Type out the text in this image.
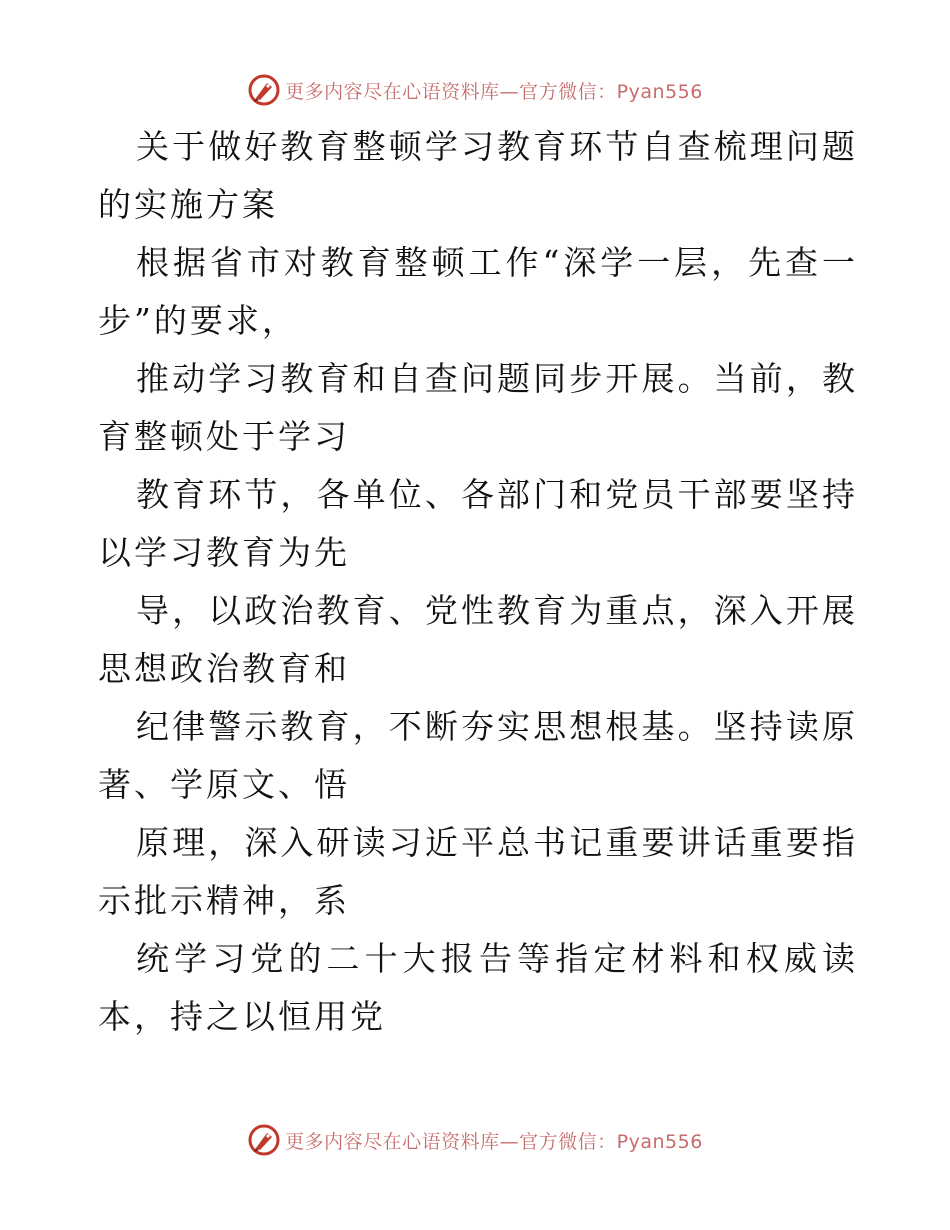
更多内容尽在心语资料库—官方微信：Pyan556

关于做好教育整顿学习教育环节自查梳理问题的实施方案

根据省市对教育整顿工作“深学一层，先查一步”的要求，

推动学习教育和自查问题同步开展。当前，教育整顿处于学习

教育环节，各单位、各部门和党员干部要坚持以学习教育为先

导，以政治教育、党性教育为重点，深入开展思想政治教育和

纪律警示教育，不断夯实思想根基。坚持读原著、学原文、悟

原理，深入研读习近平总书记重要讲话重要指示批示精神，系

统学习党的二十大报告等指定材料和权威读本，持之以恒用党

更多内容尽在心语资料库—官方微信：Pyan556
